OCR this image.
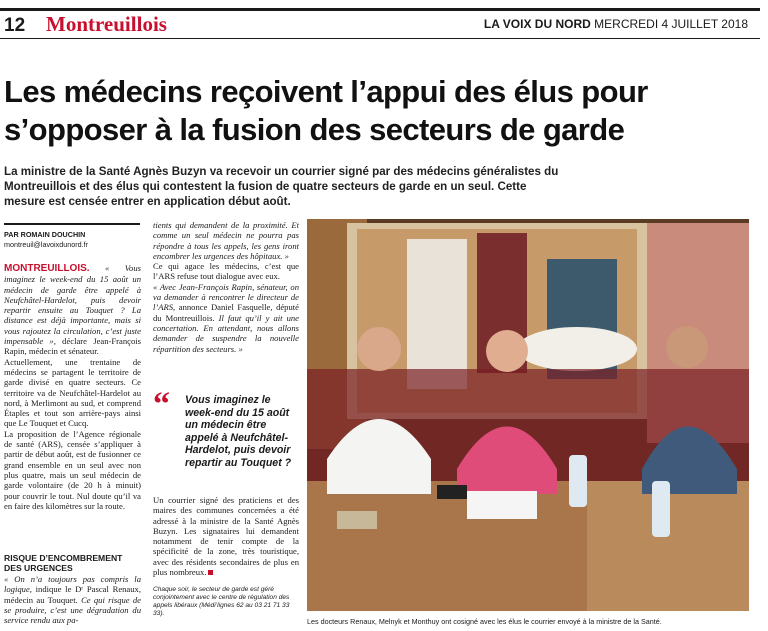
12 Montreuillois	LA VOIX DU NORD MERCREDI 4 JUILLET 2018
Les médecins reçoivent l’appui des élus pour s’opposer à la fusion des secteurs de garde

La ministre de la Santé Agnès Buzyn va recevoir un courrier signé par des médecins généralistes du Montreuillois et des élus qui contestent la fusion de quatre secteurs de garde en un seul. Cette mesure est censée entrer en application début août.

PAR ROMAIN DOUCHIN
montreuil@lavoixdunord.fr

MONTREUILLOIS. « Vous imaginez le week-end du 15 août un médecin de garde être appelé à Neufchâtel-Hardelot, puis devoir repartir ensuite au Touquet ? La distance est déjà importante, mais si vous rajoutez la circulation, c’est juste impensable », déclare Jean-François Rapin, médecin et sénateur.

Actuellement, une trentaine de médecins se partagent le territoire de garde divisé en quatre secteurs. Ce territoire va de Neufchâtel-Hardelot au nord, à Merlimont au sud, et comprend Étaples et tout son arrière-pays ainsi que Le Touquet et Cucq.

La proposition de l’Agence régionale de santé (ARS), censée s’appliquer à partir de début août, est de fusionner ce grand ensemble en un seul avec non plus quatre, mais un seul médecin de garde volontaire (de 20 h à minuit) pour couvrir le tout. Nul doute qu’il va en faire des kilomètres sur la route.

RISQUE D’ENCOMBREMENT DES URGENCES

« On n’a toujours pas compris la logique, indique le Dʳ Pascal Renaux, médecin au Touquet. Ce qui risque de se produire, c’est une dégradation du service rendu aux pa-

tients qui demandent de la proximité. Et comme un seul médecin ne pourra pas répondre à tous les appels, les gens iront encombrer les urgences des hôpitaux. »

Ce qui agace les médecins, c’est que l’ARS refuse tout dialogue avec eux.

« Avec Jean-François Rapin, sénateur, on va demander à rencontrer le directeur de l’ARS, annonce Daniel Fasquelle, député du Montreuillois. Il faut qu’il y ait une concertation. En attendant, nous allons demander de suspendre la nouvelle répartition des secteurs. »

“	Vous imaginez le week-end du 15 août un médecin être appelé à Neufchâtel-Hardelot, puis devoir repartir au Touquet ?

Un courrier signé des praticiens et des maires des communes concernées a été adressé à la ministre de la Santé Agnès Buzyn. Les signataires lui demandent notamment de tenir compte de la spécificité de la zone, très touristique, avec des résidents secondaires de plus en plus nombreux.

Chaque soir, le secteur de garde est géré conjointement avec le centre de régulation des appels libéraux (Médi’lignes 62 au 03 21 71 33 33).
Les docteurs Renaux, Melnyk et Monthuy ont cosigné avec les élus le courrier envoyé à la ministre de la Santé.
